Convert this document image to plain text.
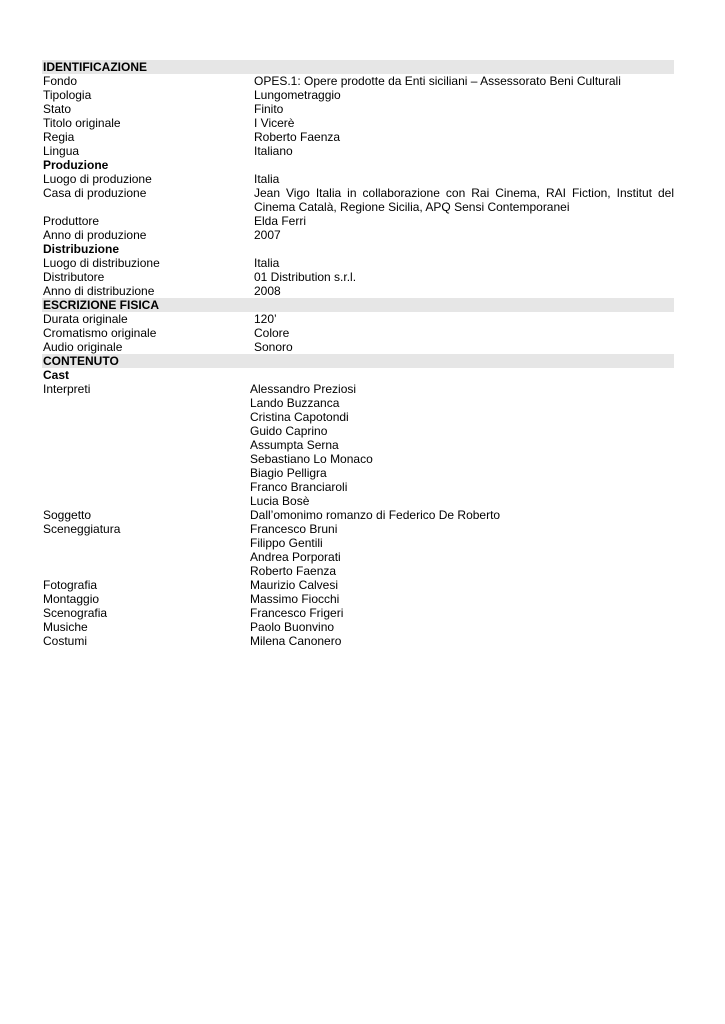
IDENTIFICAZIONE
Fondo	OPES.1: Opere prodotte da Enti siciliani – Assessorato Beni Culturali
Tipologia	Lungometraggio
Stato	Finito
Titolo originale	I Vicerè
Regia	Roberto Faenza
Lingua	Italiano
Produzione
Luogo di produzione	Italia
Casa di produzione	Jean Vigo Italia in collaborazione con Rai Cinema, RAI Fiction, Institut del Cinema Català, Regione Sicilia, APQ Sensi Contemporanei
Produttore	Elda Ferri
Anno di produzione	2007
Distribuzione
Luogo di distribuzione	Italia
Distributore	01 Distribution s.r.l.
Anno di distribuzione	2008
ESCRIZIONE FISICA
Durata originale	120’
Cromatismo originale	Colore
Audio originale	Sonoro
CONTENUTO
Cast
Interpreti	Alessandro Preziosi
Lando Buzzanca
Cristina Capotondi
Guido Caprino
Assumpta Serna
Sebastiano Lo Monaco
Biagio Pelligra
Franco Branciaroli
Lucia Bosè
Soggetto	Dall’omonimo romanzo di Federico De Roberto
Sceneggiatura	Francesco Bruni
Filippo Gentili
Andrea Porporati
Roberto Faenza
Fotografia	Maurizio Calvesi
Montaggio	Massimo Fiocchi
Scenografia	Francesco Frigeri
Musiche	Paolo Buonvino
Costumi	Milena Canonero
